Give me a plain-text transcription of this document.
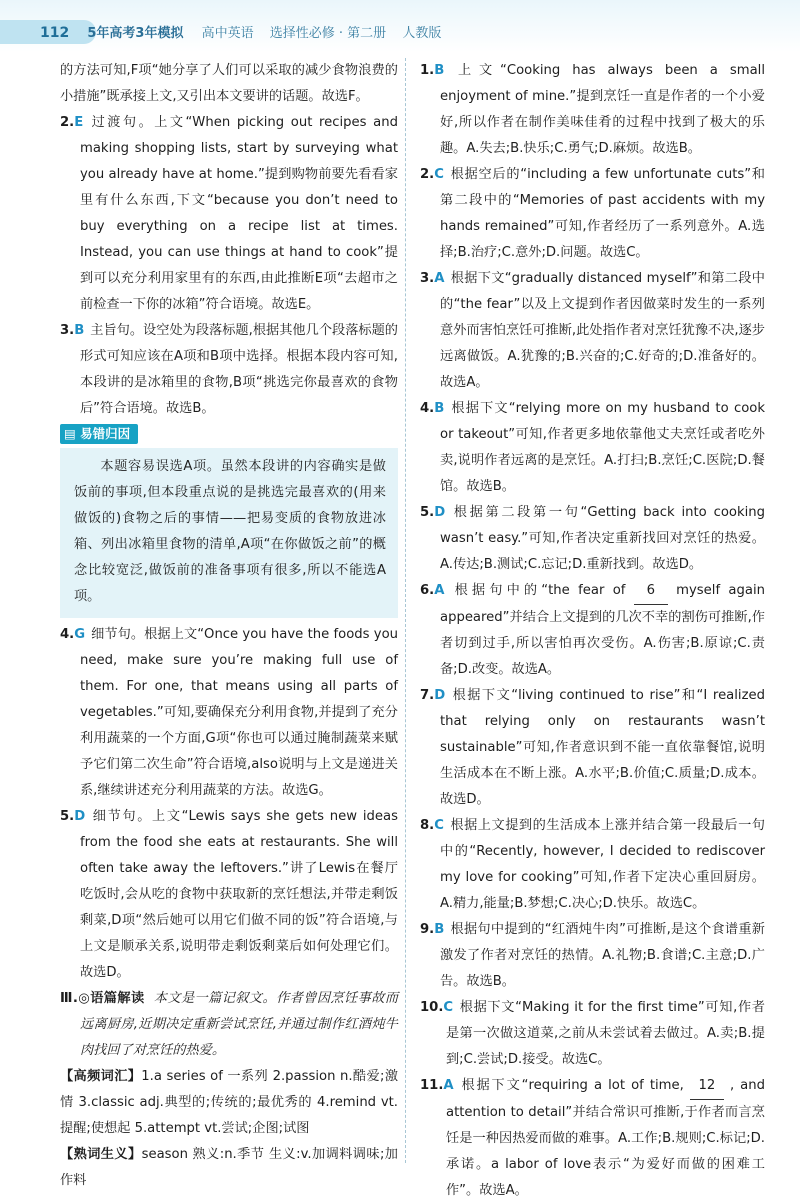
112 5年高考3年模拟 高中英语 选择性必修 · 第二册 人教版

的方法可知,F项“她分享了人们可以采取的减少食物浪费的小措施”既承接上文,又引出本文要讲的话题。故选F。

2.E 过渡句。上文“When picking out recipes and making shopping lists, start by surveying what you already have at home.”提到购物前要先看看家里有什么东西,下文“because you don’t need to buy everything on a recipe list at times. Instead, you can use things at hand to cook”提到可以充分利用家里有的东西,由此推断E项“去超市之前检查一下你的冰箱”符合语境。故选E。

3.B 主旨句。设空处为段落标题,根据其他几个段落标题的形式可知应该在A项和B项中选择。根据本段内容可知,本段讲的是冰箱里的食物,B项“挑选完你最喜欢的食物后”符合语境。故选B。

▤ 易错归因

本题容易误选A项。虽然本段讲的内容确实是做饭前的事项,但本段重点说的是挑选完最喜欢的(用来做饭的)食物之后的事情——把易变质的食物放进冰箱、列出冰箱里食物的清单,A项“在你做饭之前”的概念比较宽泛,做饭前的准备事项有很多,所以不能选A项。

4.G 细节句。根据上文“Once you have the foods you need, make sure you’re making full use of them. For one, that means using all parts of vegetables.”可知,要确保充分利用食物,并提到了充分利用蔬菜的一个方面,G项“你也可以通过腌制蔬菜来赋予它们第二次生命”符合语境,also说明与上文是递进关系,继续讲述充分利用蔬菜的方法。故选G。

5.D 细节句。上文“Lewis says she gets new ideas from the food she eats at restaurants. She will often take away the leftovers.”讲了Lewis在餐厅吃饭时,会从吃的食物中获取新的烹饪想法,并带走剩饭剩菜,D项“然后她可以用它们做不同的饭”符合语境,与上文是顺承关系,说明带走剩饭剩菜后如何处理它们。故选D。

Ⅲ.◎语篇解读 本文是一篇记叙文。作者曾因烹饪事故而远离厨房,近期决定重新尝试烹饪,并通过制作红酒炖牛肉找回了对烹饪的热爱。

【高频词汇】1.a series of 一系列 2.passion n.酷爱;激情 3.classic adj.典型的;传统的;最优秀的 4.remind vt.提醒;使想起 5.attempt vt.尝试;企图;试图

【熟词生义】season 熟义:n.季节 生义:v.加调料调味;加作料

1.B 上文“Cooking has always been a small enjoyment of mine.”提到烹饪一直是作者的一个小爱好,所以作者在制作美味佳肴的过程中找到了极大的乐趣。A.失去;B.快乐;C.勇气;D.麻烦。故选B。

2.C 根据空后的“including a few unfortunate cuts”和第二段中的“Memories of past accidents with my hands remained”可知,作者经历了一系列意外。A.选择;B.治疗;C.意外;D.问题。故选C。

3.A 根据下文“gradually distanced myself”和第二段中的“the fear”以及上文提到作者因做菜时发生的一系列意外而害怕烹饪可推断,此处指作者对烹饪犹豫不决,逐步远离做饭。A.犹豫的;B.兴奋的;C.好奇的;D.准备好的。故选A。

4.B 根据下文“relying more on my husband to cook or takeout”可知,作者更多地依靠他丈夫烹饪或者吃外卖,说明作者远离的是烹饪。A.打扫;B.烹饪;C.医院;D.餐馆。故选B。

5.D 根据第二段第一句“Getting back into cooking wasn’t easy.”可知,作者决定重新找回对烹饪的热爱。A.传达;B.测试;C.忘记;D.重新找到。故选D。

6.A 根据句中的“the fear of 6 myself again appeared”并结合上文提到的几次不幸的割伤可推断,作者切到过手,所以害怕再次受伤。A.伤害;B.原谅;C.责备;D.改变。故选A。

7.D 根据下文“living continued to rise”和“I realized that relying only on restaurants wasn’t sustainable”可知,作者意识到不能一直依靠餐馆,说明生活成本在不断上涨。A.水平;B.价值;C.质量;D.成本。故选D。

8.C 根据上文提到的生活成本上涨并结合第一段最后一句中的“Recently, however, I decided to rediscover my love for cooking”可知,作者下定决心重回厨房。A.精力,能量;B.梦想;C.决心;D.快乐。故选C。

9.B 根据句中提到的“红酒炖牛肉”可推断,是这个食谱重新激发了作者对烹饪的热情。A.礼物;B.食谱;C.主意;D.广告。故选B。

10.C 根据下文“Making it for the first time”可知,作者是第一次做这道菜,之前从未尝试着去做过。A.卖;B.提到;C.尝试;D.接受。故选C。

11.A 根据下文“requiring a lot of time, 12 , and attention to detail”并结合常识可推断,于作者而言烹饪是一种因热爱而做的难事。A.工作;B.规则;C.标记;D.承诺。a labor of love表示“为爱好而做的困难工作”。故选A。
